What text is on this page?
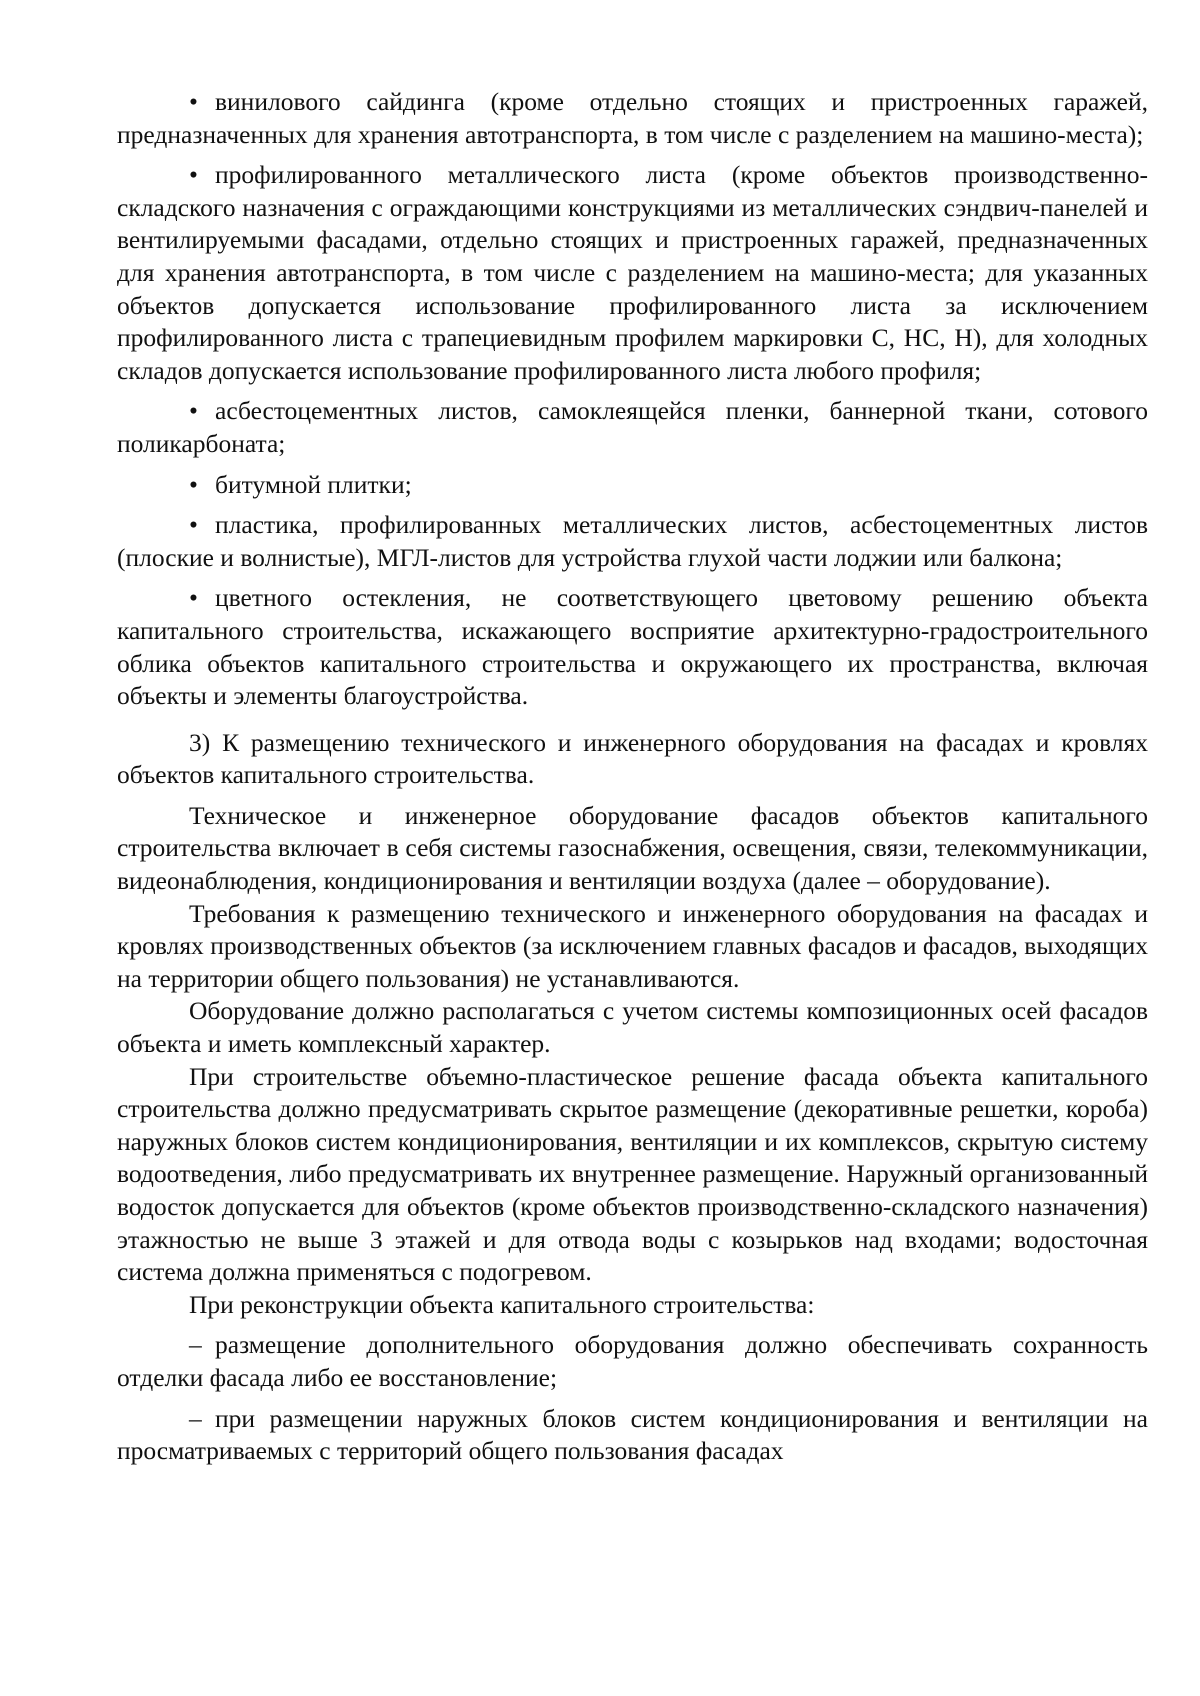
• винилового сайдинга (кроме отдельно стоящих и пристроенных гаражей, предназначенных для хранения автотранспорта, в том числе с разделением на машино-места);

• профилированного металлического листа (кроме объектов производственно-складского назначения с ограждающими конструкциями из металлических сэндвич-панелей и вентилируемыми фасадами, отдельно стоящих и пристроенных гаражей, предназначенных для хранения автотранспорта, в том числе с разделением на машино-места; для указанных объектов допускается использование профилированного листа за исключением профилированного листа с трапециевидным профилем маркировки С, НС, Н), для холодных складов допускается использование профилированного листа любого профиля;

• асбестоцементных листов, самоклеящейся пленки, баннерной ткани, сотового поликарбоната;

• битумной плитки;

• пластика, профилированных металлических листов, асбестоцементных листов (плоские и волнистые), МГЛ-листов для устройства глухой части лоджии или балкона;

• цветного остекления, не соответствующего цветовому решению объекта капитального строительства, искажающего восприятие архитектурно-градостроительного облика объектов капитального строительства и окружающего их пространства, включая объекты и элементы благоустройства.

3) К размещению технического и инженерного оборудования на фасадах и кровлях объектов капитального строительства.

Техническое и инженерное оборудование фасадов объектов капитального строительства включает в себя системы газоснабжения, освещения, связи, телекоммуникации, видеонаблюдения, кондиционирования и вентиляции воздуха (далее – оборудование).

Требования к размещению технического и инженерного оборудования на фасадах и кровлях производственных объектов (за исключением главных фасадов и фасадов, выходящих на территории общего пользования) не устанавливаются.

Оборудование должно располагаться с учетом системы композиционных осей фасадов объекта и иметь комплексный характер.

При строительстве объемно-пластическое решение фасада объекта капитального строительства должно предусматривать скрытое размещение (декоративные решетки, короба) наружных блоков систем кондиционирования, вентиляции и их комплексов, скрытую систему водоотведения, либо предусматривать их внутреннее размещение. Наружный организованный водосток допускается для объектов (кроме объектов производственно-складского назначения) этажностью не выше 3 этажей и для отвода воды с козырьков над входами; водосточная система должна применяться с подогревом.

При реконструкции объекта капитального строительства:

– размещение дополнительного оборудования должно обеспечивать сохранность отделки фасада либо ее восстановление;

– при размещении наружных блоков систем кондиционирования и вентиляции на просматриваемых с территорий общего пользования фасадах
